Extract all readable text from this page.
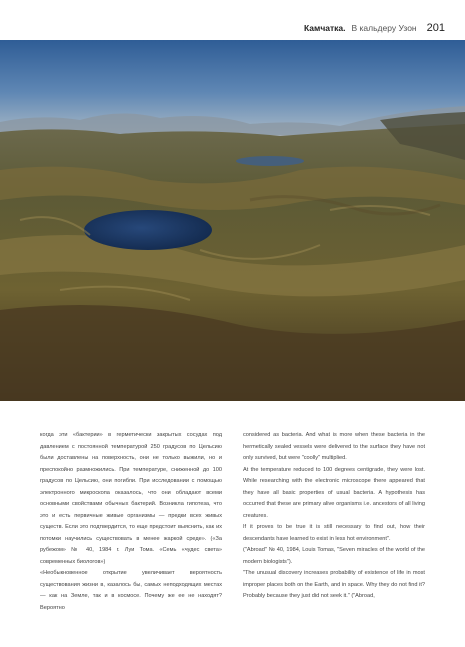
Камчатка. В кальдеру Узон 201

когда эти «бактерии» в герметически закрытых сосудах под давлением с постоянной температурой 250 градусов по Цельсию были доставлены на поверхность, они не только выжили, но и преспокойно размножились. При температуре, сниженной до 100 градусов по Цельсию, они погибли. При исследовании с помощью электронного микроскопа оказалось, что они обладают всеми основными свойствами обычных бактерий. Возникла гипотеза, что это и есть первичные живые организмы — предки всех живых существ. Если это подтвердится, то еще предстоит выяснить, как их потомки научились существовать в менее жаркой среде». («За рубежом» № 40, 1984 г. Луи Тома. «Семь «чудес света» современных биологов»)

«Необыкновенное открытие увеличивает вероятность существования жизни в, казалось бы, самых неподходящих местах — как на Земле, так и в космосе. Почему же ее не находят? Вероятно

considered as bacteria. And what is more when these bacteria in the hermetically sealed vessels were delivered to the surface they have not only survived, but were "coolly" multiplied.

At the temperature reduced to 100 degrees centigrade, they were lost. While researching with the electronic microscope there appeared that they have all basic properties of usual bacteria. A hypothesis has occurred that these are primary alive organisms i.e. ancestors of all living creatures.

If it proves to be true it is still necessary to find out, how their descendants have learned to exist in less hot environment".

("Abroad" № 40, 1984, Louis Tomas, "Seven miracles of the world of the modern biologists").

"The unusual discovery increases probability of existence of life in most improper places both on the Earth, and in space. Why they do not find it? Probably because they just did not seek it." ("Abroad,
